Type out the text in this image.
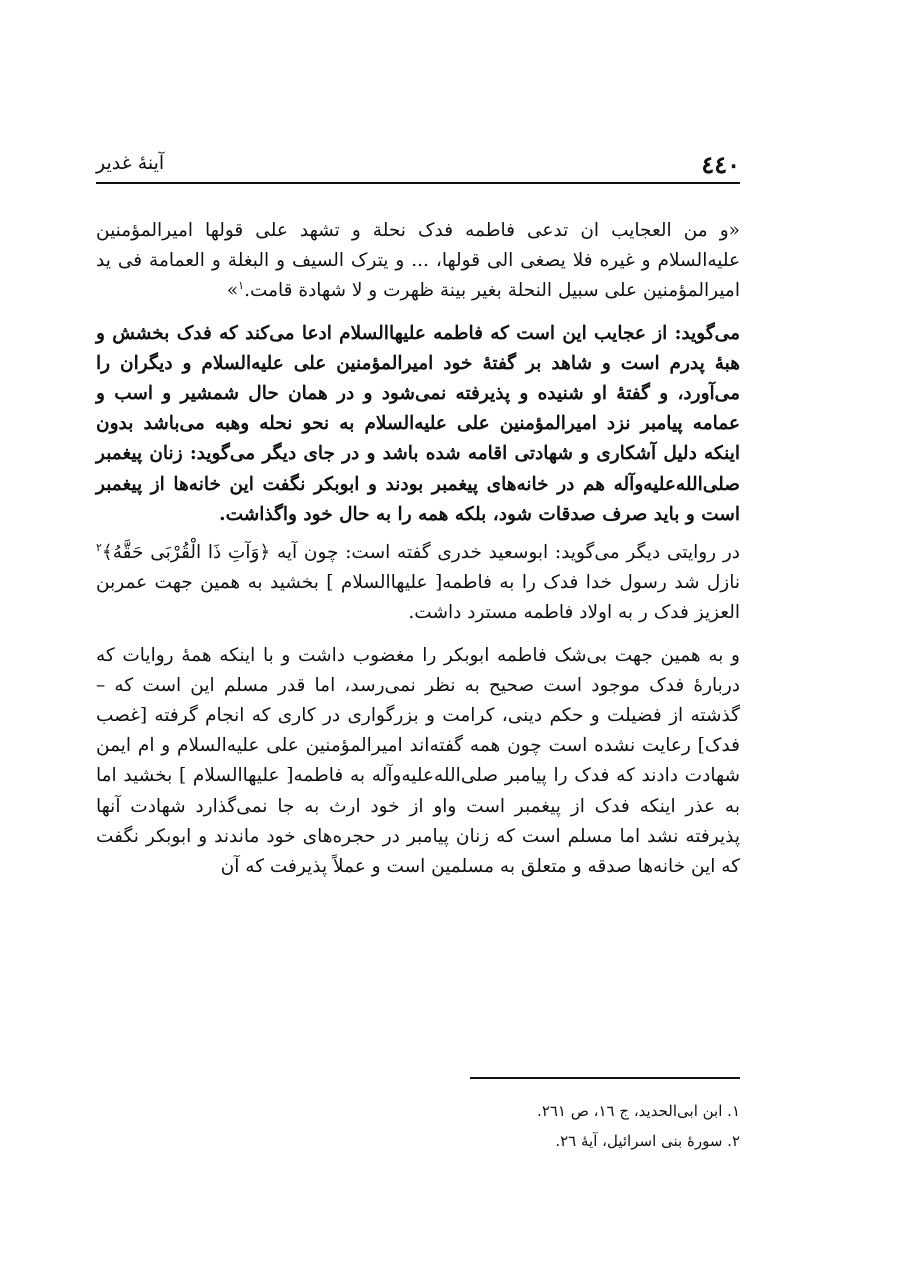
٤٤٠
آینهٔ غدیر

«و من العجایب ان تدعی فاطمه فدک نحلة و تشهد علی قولها امیرالمؤمنین علیه‌السلام و غیره فلا یصغی الی قولها، ... و یترک السیف و البغلة و العمامة فی ید امیرالمؤمنین علی سبیل النحلة بغیر بینة ظهرت و لا شهادة قامت.$^١$»

می‌گوید: از عجایب این است که فاطمه علیهاالسلام ادعا می‌کند که فدک بخشش و هبهٔ پدرم است و شاهد بر گفتهٔ خود امیرالمؤمنین علی علیه‌السلام و دیگران را می‌آورد، و گفتهٔ او شنیده و پذیرفته نمی‌شود و در همان حال شمشیر و اسب و عمامه پیامبر نزد امیرالمؤمنین علی علیه‌السلام به نحو نحله وهبه می‌باشد بدون اینکه دلیل آشکاری و شهادتی اقامه شده باشد و در جای دیگر می‌گوید: زنان پیغمبر صلی‌الله‌علیه‌وآله هم در خانه‌های پیغمبر بودند و ابوبکر نگفت این خانه‌ها از پیغمبر است و باید صرف صدقات شود، بلکه همه را به حال خود واگذاشت.

در روایتی دیگر می‌گوید: ابوسعید خدری گفته است: چون آیه ﴿وَآتِ ذَا الْقُرْبَى حَقَّهُ﴾$^٢$ نازل شد رسول خدا فدک را به فاطمه[ علیهاالسلام ] بخشید به همین جهت عمربن العزیز فدک ر به اولاد فاطمه مسترد داشت.

و به همین جهت بی‌شک فاطمه ابوبکر را مغضوب داشت و با اینکه همهٔ روایات که دربارهٔ فدک موجود است صحیح به نظر نمی‌رسد، اما قدر مسلم این است که – گذشته از فضیلت و حکم دینی، کرامت و بزرگواری در کاری که انجام گرفته [غصب فدک] رعایت نشده است چون همه گفته‌اند امیرالمؤمنین علی علیه‌السلام و ام ایمن شهادت دادند که فدک را پیامبر صلی‌الله‌علیه‌وآله به فاطمه[ علیهاالسلام ] بخشید اما به عذر اینکه فدک از پیغمبر است واو از خود ارث به جا نمی‌گذارد شهادت آنها پذیرفته نشد اما مسلم است که زنان پیامبر در حجره‌های خود ماندند و ابوبکر نگفت که این خانه‌ها صدقه و متعلق به مسلمین است و عملاً پذیرفت که آن

١. ابن ابی‌الحدید، ج ١٦، ص ٢٦١.
٢. سورهٔ بنی اسرائیل، آیهٔ ٢٦.
